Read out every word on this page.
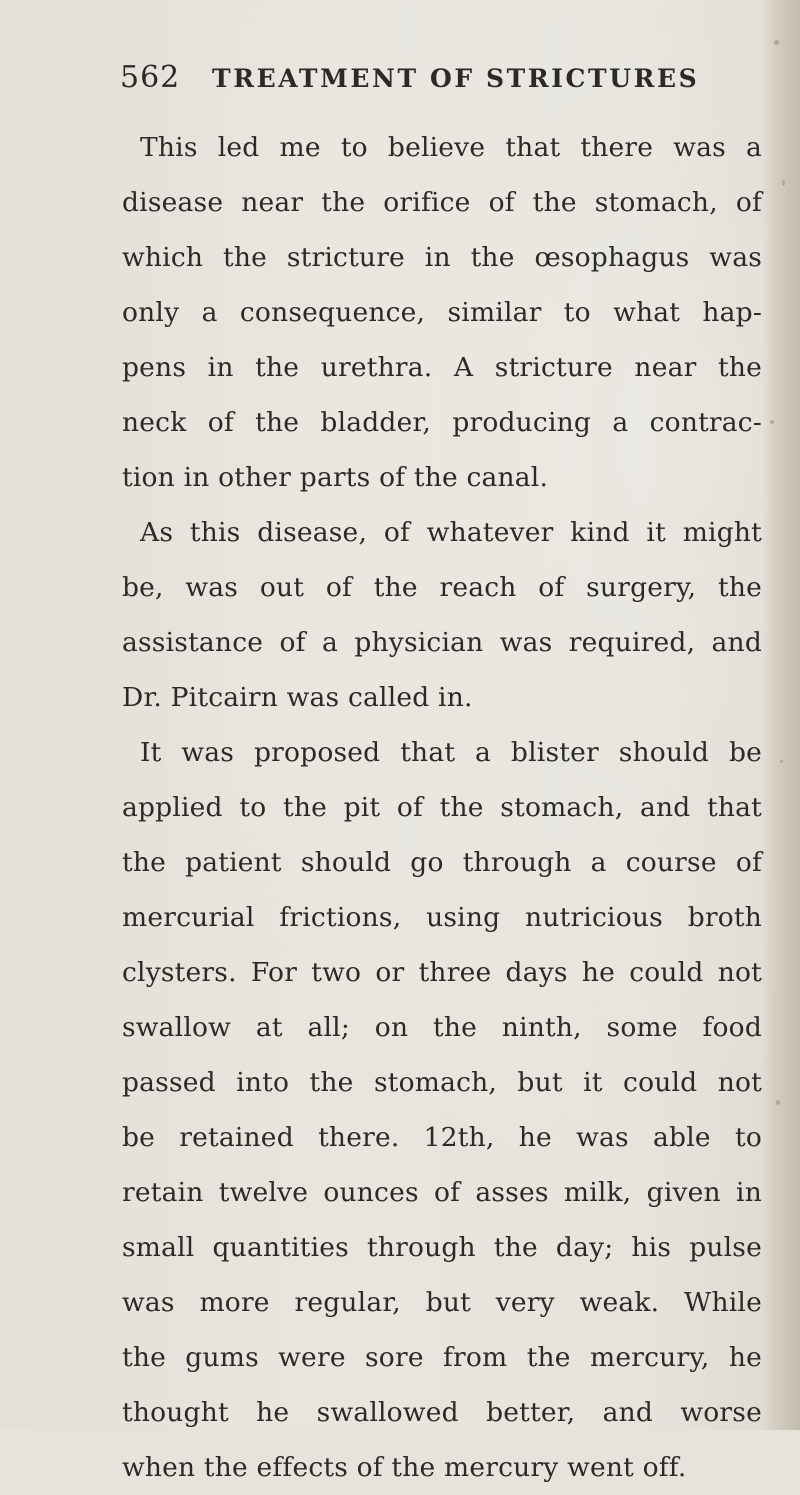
562 TREATMENT OF STRICTURES
This led me to believe that there was a
disease near the orifice of the stomach, of
which the stricture in the œsophagus was
only a consequence, similar to what hap-
pens in the urethra. A stricture near the
neck of the bladder, producing a contrac-
tion in other parts of the canal.
As this disease, of whatever kind it might
be, was out of the reach of surgery, the
assistance of a physician was required, and
Dr. Pitcairn was called in.
It was proposed that a blister should be
applied to the pit of the stomach, and that
the patient should go through a course of
mercurial frictions, using nutricious broth
clysters. For two or three days he could not
swallow at all; on the ninth, some food
passed into the stomach, but it could not
be retained there. 12th, he was able to
retain twelve ounces of asses milk, given in
small quantities through the day; his pulse
was more regular, but very weak. While
the gums were sore from the mercury, he
thought he swallowed better, and worse
when the effects of the mercury went off.
